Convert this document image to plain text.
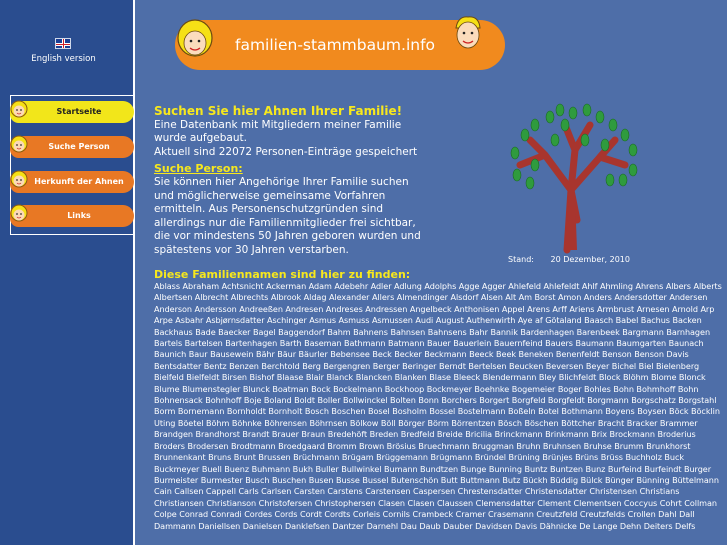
English version
Startseite
Suche Person
Herkunft der Ahnen
Links
familien-stammbaum.info
Suchen Sie hier Ahnen Ihrer Familie!
Eine Datenbank mit Mitgliedern meiner Familie wurde aufgebaut.
Aktuell sind 22072 Personen-Einträge gespeichert
Suche Person:
Sie können hier Angehörige Ihrer Familie suchen und möglicherweise gemeinsame Vorfahren ermitteln. Aus Personenschutzgründen sind allerdings nur die Familienmitglieder frei sichtbar, die vor mindestens 50 Jahren geboren wurden und spätestens vor 30 Jahren verstarben.
Stand: 20 Dezember, 2010
Diese Familiennamen sind hier zu finden:
Ablass Abraham Achtsnicht Ackerman Adam Adebehr Adler Adlung Adolphs Agge Agger Ahlefeld Ahlefeldt Ahlf Ahmling Ahrens Albers Alberts Albertsen Albrecht Albrechts Albrook Aldag Alexander Allers Almendinger Alsdorf Alsen Alt Am Borst Amon Anders Andersdotter Andersen Anderson Andersson Andreeßen Andresen Andreses Andressen Angelbeck Anthonisen Appel Arens Arff Ariens Armbrust Arnesen Arnold Arp Arpe Asbahr Asbjørnsdatter Aschinger Asmus Asmuss Asmussen Audi August Authenwirth Aye af Götaland Baasch Babel Bachus Backen Backhaus Bade Baecker Bagel Baggendorf Bahm Bahnens Bahnsen Bahnsens Bahr Bannik Bardenhagen Barenbeek Bargmann Barnhagen Bartels Bartelsen Bartenhagen Barth Baseman Bathmann Batmann Bauer Bauerlein Bauernfeind Bauers Baumann Baumgarten Baunach Baunich Baur Bausewein Bähr Bäur Bäurler Bebensee Beck Becker Beckmann Beeck Beek Beneken Benenfeldt Benson Benson Davis Bentsdatter Bentz Benzen Berchtold Berg Bergengren Berger Beringer Berndt Bertelsen Beucken Beversen Beyer Bichel Biel Bielenberg Bielfeld Bielfeldt Birsen Bishof Blaase Blair Blanck Blancken Blanken Blase Bleeck Blendermann Bley Blichfeldt Block Blöhm Blome Blonck Blume Blumenstegler Blunck Boatman Bock Bockelmann Bockhoop Bockmeyer Boehnke Bogemeier Boger Bohles Bohn Bohmhoff Bohn Bohnensack Bohnhoff Boje Boland Boldt Boller Bollwinckel Bolten Bonn Borchers Borgert Borgfeld Borgfeldt Borgmann Borgschatz Borgstahl Borm Bornemann Bornholdt Bornholt Bosch Boschen Bosel Bosholm Bossel Bostelmann Boßeln Botel Bothmann Boyens Boysen Böck Böcklin Uting Böetel Böhm Böhnke Böhrensen Böhrnsen Bölkow Böll Börger Börm Börrentzen Bösch Böschen Böttcher Bracht Bracker Brammer Brandgen Brandhorst Brandt Brauer Braun Bredehöft Breden Bredfeld Breide Bricilia Brinckmann Brinkmann Brix Brockmann Broderius Broders Brodersen Brodtmann Broedgaard Bromm Brown Brösius Bruechmann Bruggman Bruhn Bruhnsen Bruhse Brumm Brunkhorst Brunnenkant Bruns Brunt Brussen Brüchmann Brügam Brüggemann Brügmann Bründel Brüning Brünjes Brüns Brüss Buchholz Buck Buckmeyer Buell Buenz Buhmann Bukh Buller Bullwinkel Bumann Bundtzen Bunge Bunning Buntz Buntzen Bunz Burfeind Burfeindt Burger Burmeister Burmester Busch Buschen Busen Busse Bussel Butenschön Butt Buttmann Butz Bückh Büddig Bülck Bünger Bünning Büttelmann Cain Callsen Cappell Carls Carlsen Carsten Carstens Carstensen Caspersen Chrestensdatter Christensdatter Christensen Christians Christiansen Christianson Christofersen Christophersen Clasen Clasen Claussen Clemensdatter Clement Clementsen Coccyus Cohrt Collman Colpe Conrad Conradi Cordes Cords Cordt Cordts Corleis Cornils Crambeck Cramer Crasemann Creutzfeld Creutzfelds Crollen Dahl Dall Dammann Daniellsen Danielsen Danklefsen Dantzer Darnehl Dau Daub Dauber Davidsen Davis Dähnicke De Lange Dehn Deiters Delfs
